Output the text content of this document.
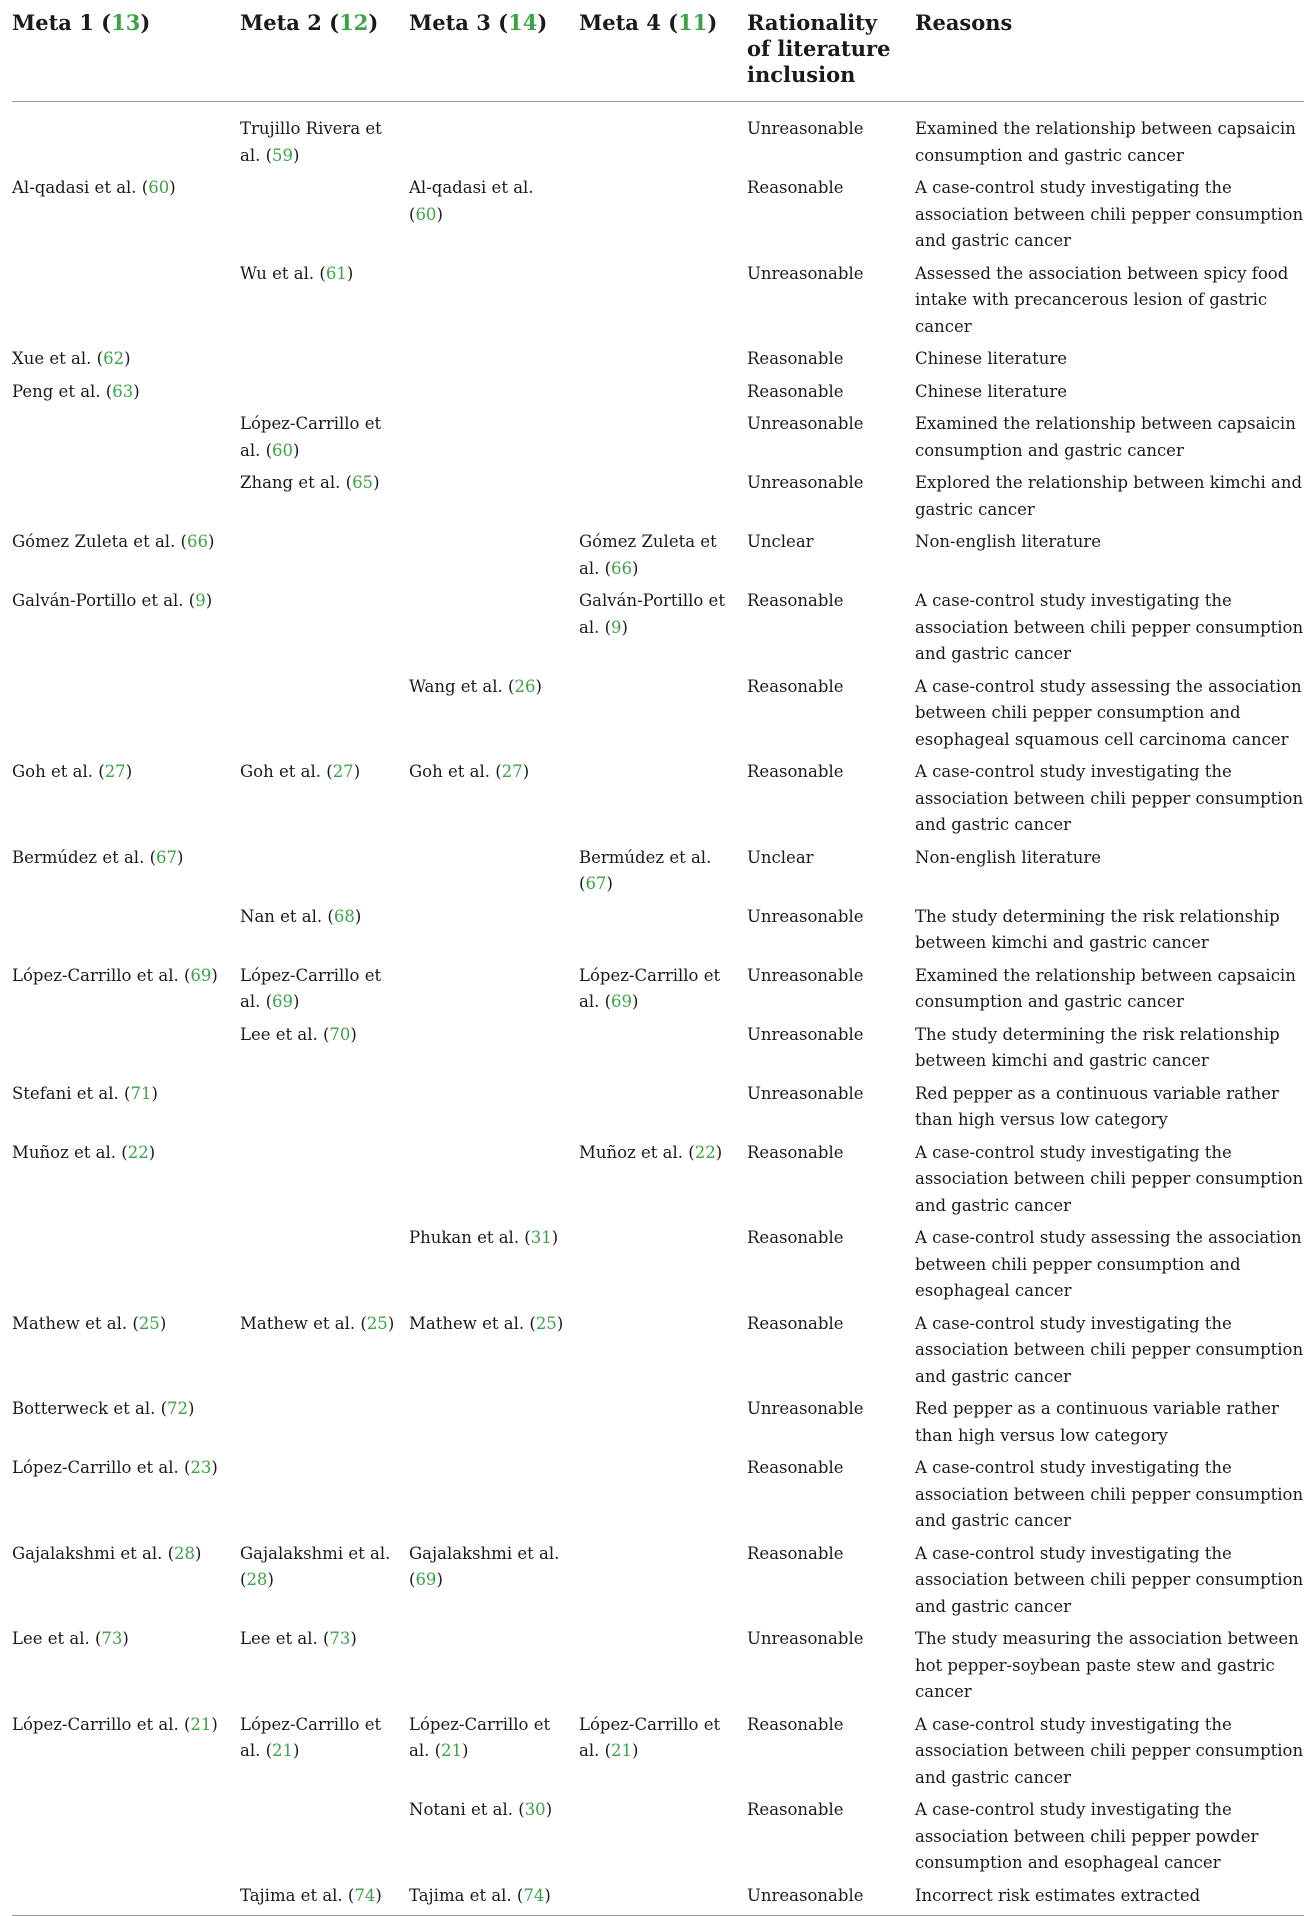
Meta 1 (13)	Meta 2 (12)	Meta 3 (14)	Meta 4 (11)	Rationality of literature inclusion	Reasons
	Trujillo Rivera et al. (59)			Unreasonable	Examined the relationship between capsaicin consumption and gastric cancer
Al-qadasi et al. (60)		Al-qadasi et al. (60)		Reasonable	A case-control study investigating the association between chili pepper consumption and gastric cancer
	Wu et al. (61)			Unreasonable	Assessed the association between spicy food intake with precancerous lesion of gastric cancer
Xue et al. (62)				Reasonable	Chinese literature
Peng et al. (63)				Reasonable	Chinese literature
	López-Carrillo et al. (60)			Unreasonable	Examined the relationship between capsaicin consumption and gastric cancer
	Zhang et al. (65)			Unreasonable	Explored the relationship between kimchi and gastric cancer
Gómez Zuleta et al. (66)			Gómez Zuleta et al. (66)	Unclear	Non-english literature
Galván-Portillo et al. (9)			Galván-Portillo et al. (9)	Reasonable	A case-control study investigating the association between chili pepper consumption and gastric cancer
		Wang et al. (26)		Reasonable	A case-control study assessing the association between chili pepper consumption and esophageal squamous cell carcinoma cancer
Goh et al. (27)	Goh et al. (27)	Goh et al. (27)		Reasonable	A case-control study investigating the association between chili pepper consumption and gastric cancer
Bermúdez et al. (67)			Bermúdez et al. (67)	Unclear	Non-english literature
	Nan et al. (68)			Unreasonable	The study determining the risk relationship between kimchi and gastric cancer
López-Carrillo et al. (69)	López-Carrillo et al. (69)		López-Carrillo et al. (69)	Unreasonable	Examined the relationship between capsaicin consumption and gastric cancer
	Lee et al. (70)			Unreasonable	The study determining the risk relationship between kimchi and gastric cancer
Stefani et al. (71)				Unreasonable	Red pepper as a continuous variable rather than high versus low category
Muñoz et al. (22)			Muñoz et al. (22)	Reasonable	A case-control study investigating the association between chili pepper consumption and gastric cancer
		Phukan et al. (31)		Reasonable	A case-control study assessing the association between chili pepper consumption and esophageal cancer
Mathew et al. (25)	Mathew et al. (25)	Mathew et al. (25)		Reasonable	A case-control study investigating the association between chili pepper consumption and gastric cancer
Botterweck et al. (72)				Unreasonable	Red pepper as a continuous variable rather than high versus low category
López-Carrillo et al. (23)				Reasonable	A case-control study investigating the association between chili pepper consumption and gastric cancer
Gajalakshmi et al. (28)	Gajalakshmi et al. (28)	Gajalakshmi et al. (69)		Reasonable	A case-control study investigating the association between chili pepper consumption and gastric cancer
Lee et al. (73)	Lee et al. (73)			Unreasonable	The study measuring the association between hot pepper-soybean paste stew and gastric cancer
López-Carrillo et al. (21)	López-Carrillo et al. (21)	López-Carrillo et al. (21)	López-Carrillo et al. (21)	Reasonable	A case-control study investigating the association between chili pepper consumption and gastric cancer
		Notani et al. (30)		Reasonable	A case-control study investigating the association between chili pepper powder consumption and esophageal cancer
	Tajima et al. (74)	Tajima et al. (74)		Unreasonable	Incorrect risk estimates extracted
